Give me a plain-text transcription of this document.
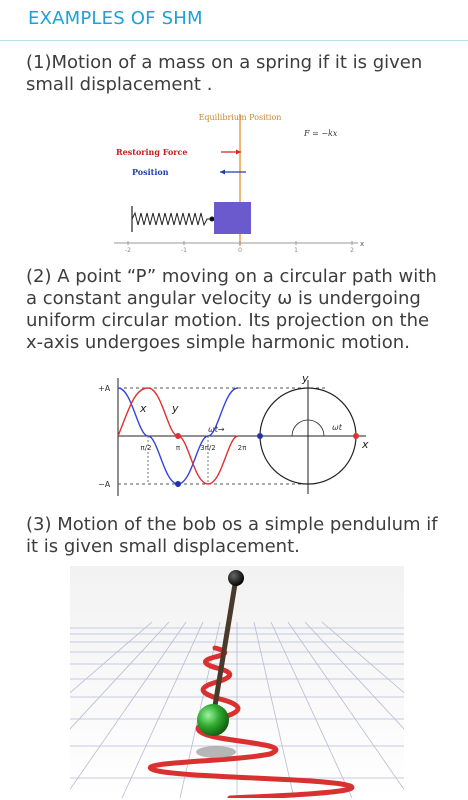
EXAMPLES OF SHM
(1)Motion of a mass on a spring if it is given small displacement .
Equilibrium Position
F = −kx
Restoring Force
Position
-2	-1	0	1	2
x
(2) A point “P” moving on a circular path with a constant angular velocity ω is undergoing uniform circular motion. Its projection on the x-axis undergoes simple harmonic motion.
+A
−A
x y
ωt→
π/2	π	3π/2	2π
y
x
ωt
(3) Motion of the bob os a simple pendulum if it is given small displacement.
